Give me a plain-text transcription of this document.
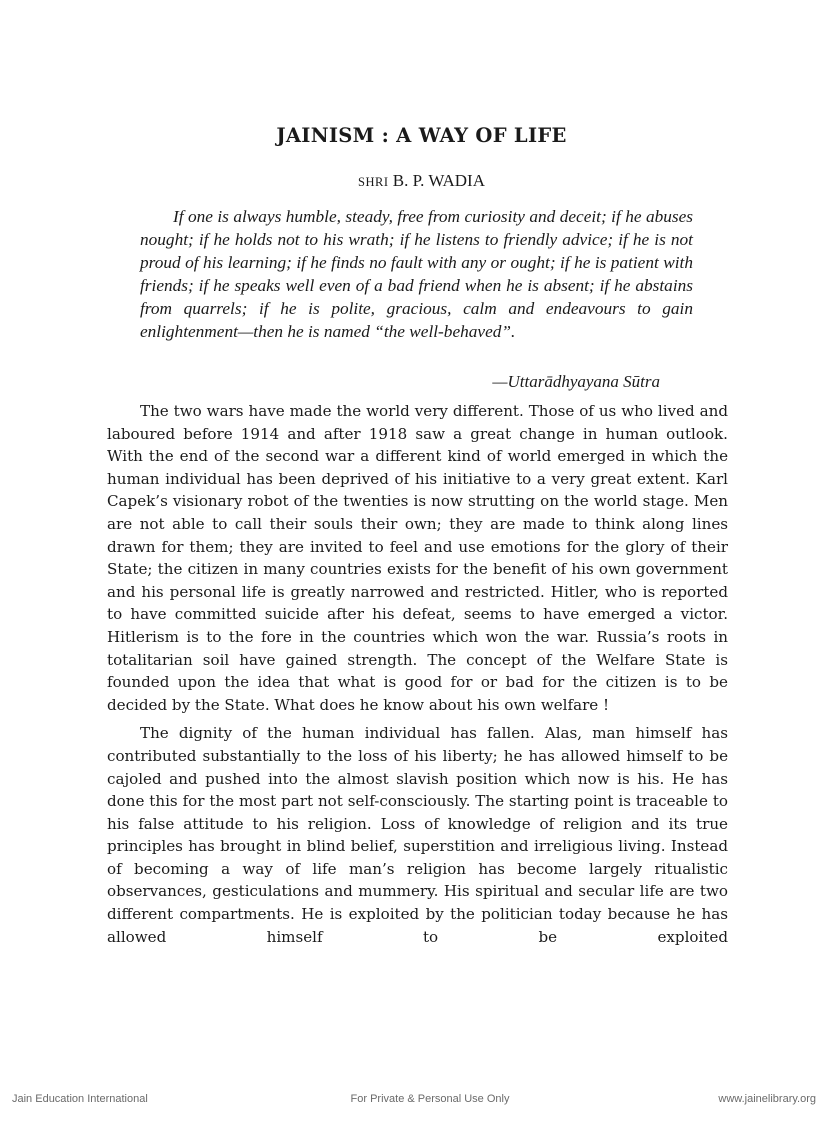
JAINISM : A WAY OF LIFE
SHRI B. P. WADIA

If one is always humble, steady, free from curiosity and deceit; if he abuses nought; if he holds not to his wrath; if he listens to friendly advice; if he is not proud of his learning; if he finds no fault with any or ought; if he is patient with friends; if he speaks well even of a bad friend when he is absent; if he abstains from quarrels; if he is polite, gracious, calm and endeavours to gain enlightenment—then he is named “the well-behaved”.

—Uttarādhyayana Sūtra

The two wars have made the world very different. Those of us who lived and laboured before 1914 and after 1918 saw a great change in human outlook. With the end of the second war a different kind of world emerged in which the human individual has been deprived of his initiative to a very great extent. Karl Capek’s visionary robot of the twenties is now strutting on the world stage. Men are not able to call their souls their own; they are made to think along lines drawn for them; they are invited to feel and use emotions for the glory of their State; the citizen in many countries exists for the benefit of his own government and his personal life is greatly narrowed and restricted. Hitler, who is reported to have committed suicide after his defeat, seems to have emerged a victor. Hitlerism is to the fore in the countries which won the war. Russia’s roots in totalitarian soil have gained strength. The concept of the Welfare State is founded upon the idea that what is good for or bad for the citizen is to be decided by the State. What does he know about his own welfare !

The dignity of the human individual has fallen. Alas, man himself has contributed substantially to the loss of his liberty; he has allowed himself to be cajoled and pushed into the almost slavish position which now is his. He has done this for the most part not self-consciously. The starting point is traceable to his false attitude to his religion. Loss of knowledge of religion and its true principles has brought in blind belief, superstition and irreligious living. Instead of becoming a way of life man’s religion has become largely ritualistic observances, gesticulations and mummery. His spiritual and secular life are two different compartments. He is exploited by the politician today because he has allowed himself to be exploited

Jain Education International	For Private & Personal Use Only	www.jainelibrary.org
